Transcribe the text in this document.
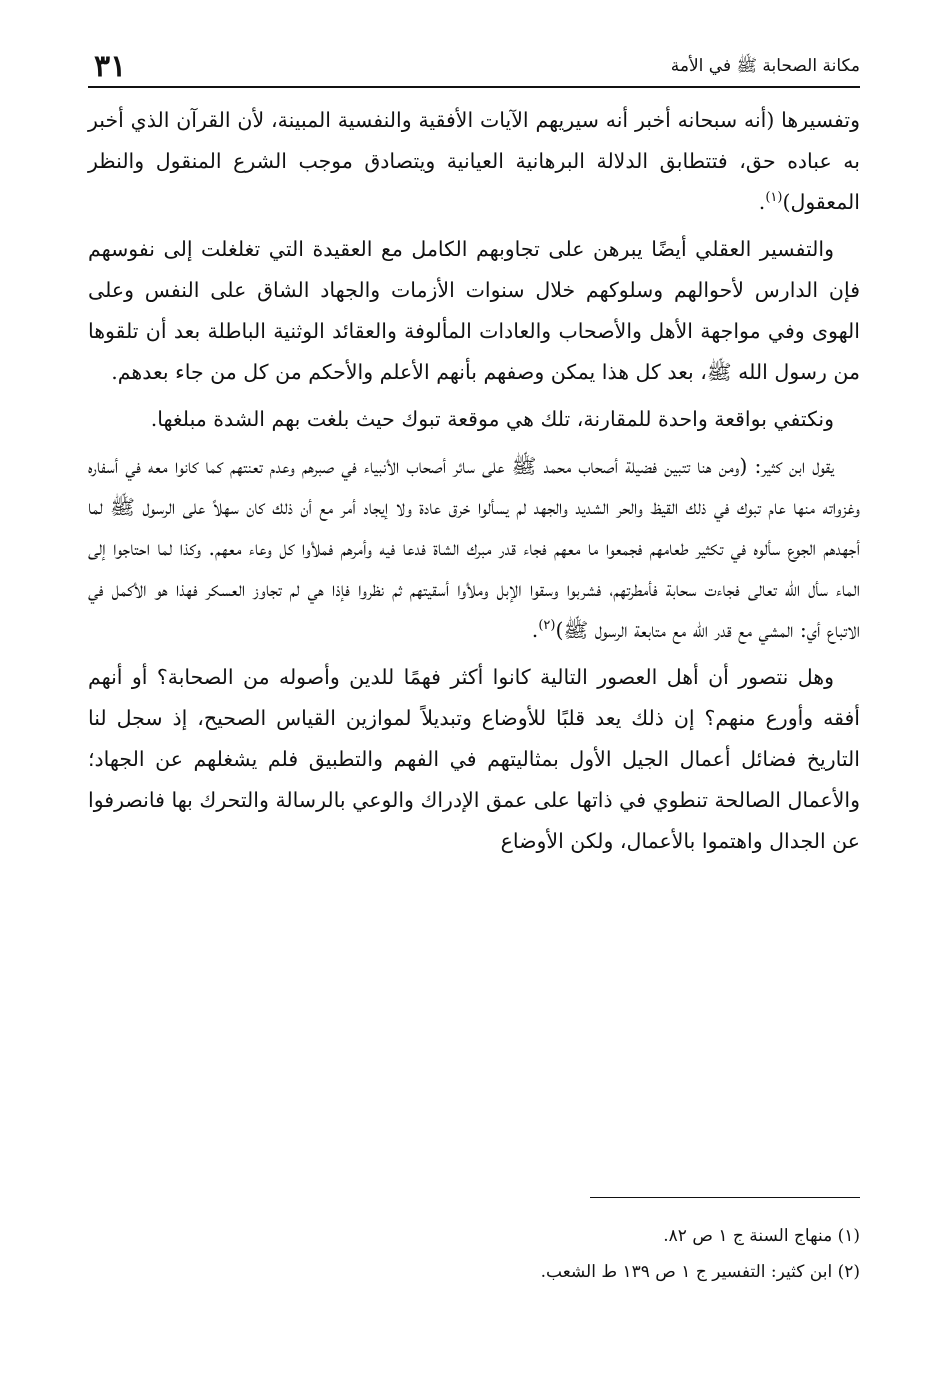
مكانة الصحابة ﷺ في الأمة
٣١

وتفسيرها (أنه سبحانه أخبر أنه سيريهم الآيات الأفقية والنفسية المبينة، لأن القرآن الذي أخبر به عباده حق، فتتطابق الدلالة البرهانية العيانية ويتصادق موجب الشرع المنقول والنظر المعقول)$^{(١)}$.

والتفسير العقلي أيضًا يبرهن على تجاوبهم الكامل مع العقيدة التي تغلغلت إلى نفوسهم فإن الدارس لأحوالهم وسلوكهم خلال سنوات الأزمات والجهاد الشاق على النفس وعلى الهوى وفي مواجهة الأهل والأصحاب والعادات المألوفة والعقائد الوثنية الباطلة بعد أن تلقوها من رسول الله ﷺ، بعد كل هذا يمكن وصفهم بأنهم الأعلم والأحكم من كل من جاء بعدهم.

ونكتفي بواقعة واحدة للمقارنة، تلك هي موقعة تبوك حيث بلغت بهم الشدة مبلغها.

يقول ابن كثير: (ومن هنا تتبين فضيلة أصحاب محمد ﷺ على سائر أصحاب الأنبياء في صبرهم وعدم تعنتهم كما كانوا معه في أسفاره وغزواته منها عام تبوك في ذلك القيظ والحر الشديد والجهد لم يسألوا خرق عادة ولا إيجاد أمر مع أن ذلك كان سهلاً على الرسول ﷺ لما أجهدهم الجوع سألوه في تكثير طعامهم فجمعوا ما معهم فجاء قدر مبرك الشاة فدعا فيه وأمرهم فملأوا كل وعاء معهم. وكذا لما احتاجوا إلى الماء سأل الله تعالى فجاءت سحابة فأمطرتهم، فشربوا وسقوا الإبل وملأوا أسقيتهم ثم نظروا فإذا هي لم تجاوز العسكر فهذا هو الأكمل في الاتباع أي: المشي مع قدر الله مع متابعة الرسول ﷺ)$^{(٢)}$.

وهل نتصور أن أهل العصور التالية كانوا أكثر فهمًا للدين وأصوله من الصحابة؟ أو أنهم أفقه وأورع منهم؟ إن ذلك يعد قلبًا للأوضاع وتبديلاً لموازين القياس الصحيح، إذ سجل لنا التاريخ فضائل أعمال الجيل الأول بمثاليتهم في الفهم والتطبيق فلم يشغلهم عن الجهاد؛ والأعمال الصالحة تنطوي في ذاتها على عمق الإدراك والوعي بالرسالة والتحرك بها فانصرفوا عن الجدال واهتموا بالأعمال، ولكن الأوضاع

(١) منهاج السنة ج ١ ص ٨٢.

(٢) ابن كثير: التفسير ج ١ ص ١٣٩ ط الشعب.
